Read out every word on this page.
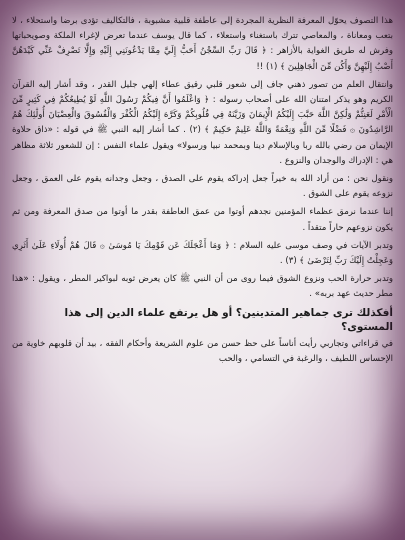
هذا التصوف يحوّل المعرفة النظرية المجردة إلى عاطفة قلبية مشبوبة ، فالتكاليف تؤدى برضا واستحلاء ، لا بتعب ومعاناة ، والمعاصي تترك باستغناء واستعلاء ، كما قال يوسف عندما تعرض لإغراء الملكة وصويحباتها وفرش له طريق الغواية بالأزاهر : ﴿ قَالَ رَبِّ السِّجْنُ أَحَبُّ إِلَيَّ مِمَّا يَدْعُونَنِي إِلَيْهِ وَإِلَّا تَصْرِفْ عَنِّي كَيْدَهُنَّ أَصْبُ إِلَيْهِنَّ وَأَكُن مِّنَ الْجَاهِلِينَ ﴾ (١) !!

وانتقال العلم من تصور ذهني جاف إلى شعور قلبي رقيق عطاء إلهي جليل القدر ، وقد أشار إليه القرآن الكريم وهو يذكر امتنان الله على أصحاب رسوله : ﴿ وَاعْلَمُوا أَنَّ فِيكُمْ رَسُولَ اللَّهِ لَوْ يُطِيعُكُمْ فِي كَثِيرٍ مِّنَ الْأَمْرِ لَعَنِتُّمْ وَلَٰكِنَّ اللَّهَ حَبَّبَ إِلَيْكُمُ الْإِيمَانَ وَزَيَّنَهُ فِي قُلُوبِكُمْ وَكَرَّهَ إِلَيْكُمُ الْكُفْرَ وَالْفُسُوقَ وَالْعِصْيَانَ أُولَٰئِكَ هُمُ الرَّاشِدُونَ ۞ فَضْلًا مِّنَ اللَّهِ وَنِعْمَةً وَاللَّهُ عَلِيمٌ حَكِيمٌ ﴾ (٢) . كما أشار إليه النبي ﷺ في قوله : «ذاق حلاوة الإيمان من رضي بالله ربا وبالإسلام دينا وبمحمد نبيا ورسولا» ويقول علماء النفس : إن للشعور ثلاثة مظاهر هي : الإدراك والوجدان والنزوع .

ونقول نحن : من أراد الله به خيراً جعل إدراكه يقوم على الصدق ، وجعل وجدانه يقوم على العمق ، وجعل نزوعه يقوم على الشوق .

إننا عندما نرمق عظماء المؤمنين نجدهم أوتوا من عمق العاطفة بقدر ما أوتوا من صدق المعرفة ومن ثم يكون نزوعهم حاراً متقداً .

وتدبر الآيات في وصف موسى عليه السلام : ﴿ وَمَا أَعْجَلَكَ عَن قَوْمِكَ يَا مُوسَىٰ ۞ قَالَ هُمْ أُولَاءِ عَلَىٰ أَثَرِي وَعَجِلْتُ إِلَيْكَ رَبِّ لِتَرْضَىٰ ﴾ (٣) .

وتدبر حرارة الحب ونزوع الشوق فيما روى من أن النبي ﷺ كان يعرض ثوبه لبواكير المطر ، ويقول : «هذا مطر حديث عهد بربه» .

أفكذلك ترى جماهير المتدينين؟ أو هل يرتفع علماء الدين إلى هذا المستوى؟

في قراءاتي وتجاربي رأيت أناساً على حظ حسن من علوم الشريعة وأحكام الفقه ، بيد أن قلوبهم خاوية من الإحساس اللطيف ، والرغبة في التسامي ، والحب
